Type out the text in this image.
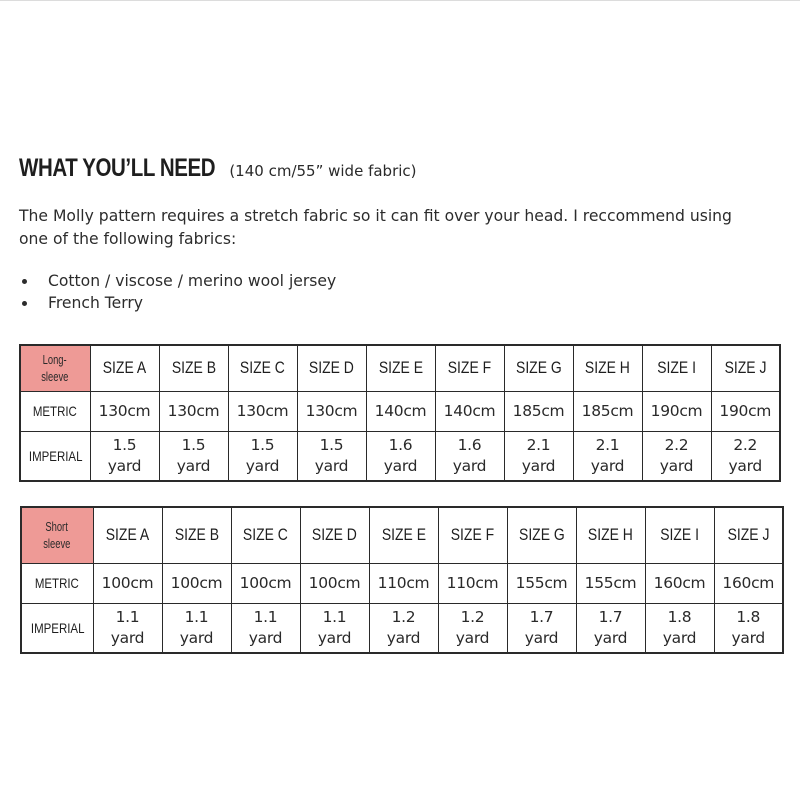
WHAT YOU’LL NEED (140 cm/55” wide fabric)

The Molly pattern requires a stretch fabric so it can fit over your head. I reccommend using one of the following fabrics:

Cotton / viscose / merino wool jersey
French Terry
Long-
sleeve	SIZE A	SIZE B	SIZE C	SIZE D	SIZE E	SIZE F	SIZE G	SIZE H	SIZE I	SIZE J
METRIC	130cm	130cm	130cm	130cm	140cm	140cm	185cm	185cm	190cm	190cm
IMPERIAL	1.5
yard	1.5
yard	1.5
yard	1.5
yard	1.6
yard	1.6
yard	2.1
yard	2.1
yard	2.2
yard	2.2
yard
Short
sleeve	SIZE A	SIZE B	SIZE C	SIZE D	SIZE E	SIZE F	SIZE G	SIZE H	SIZE I	SIZE J
METRIC	100cm	100cm	100cm	100cm	110cm	110cm	155cm	155cm	160cm	160cm
IMPERIAL	1.1
yard	1.1
yard	1.1
yard	1.1
yard	1.2
yard	1.2
yard	1.7
yard	1.7
yard	1.8
yard	1.8
yard
